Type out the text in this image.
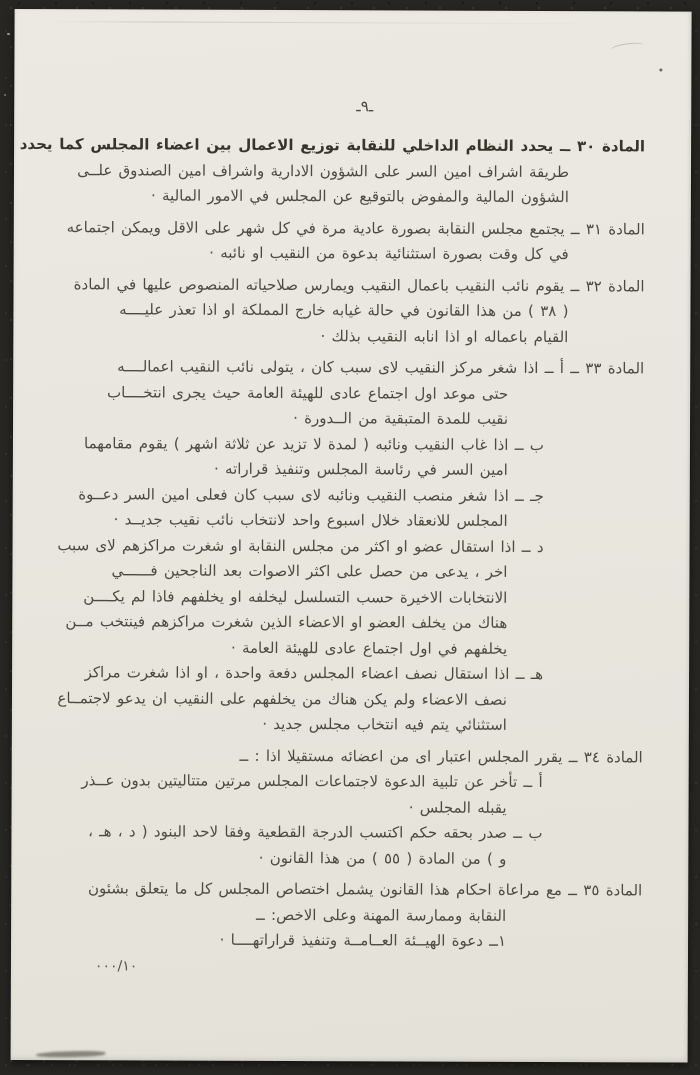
ـ٩ـ
المادة ٣٠ ــ يحدد النظام الداخلي للنقابة توزيع الاعمال بين اعضاء المجلس كما يحدد
طريقة اشراف امين السر على الشؤون الادارية واشراف امين الصندوق علــى
الشؤون المالية والمفوض بالتوقيع عن المجلس في الامور المالية ·
المادة ٣١ ــ يجتمع مجلس النقابة بصورة عادية مرة في كل شهر على الاقل ويمكن اجتماعه
في كل وقت بصورة استثنائية بدعوة من النقيب او نائبه ·
المادة ٣٢ ــ يقوم نائب النقيب باعمال النقيب ويمارس صلاحياته المنصوص عليها في المادة
( ٣٨ ) من هذا القانون في حالة غيابه خارج المملكة او اذا تعذر عليــــه
القيام باعماله او اذا انابه النقيب بذلك ·
المادة ٣٣ ــ أ ــ اذا شغر مركز النقيب لاى سبب كان ، يتولى نائب النقيب اعمالــــه
حتى موعد اول اجتماع عادى للهيئة العامة حيث يجرى انتخــــاب
نقيب للمدة المتبقية من الــدورة ·
ب ــ اذا غاب النقيب ونائبه ( لمدة لا تزيد عن ثلاثة اشهر ) يقوم مقامهما
امين السر في رئاسة المجلس وتنفيذ قراراته ·
جـ ــ اذا شغر منصب النقيب ونائبه لاى سبب كان فعلى امين السر دعــوة
المجلس للانعقاد خلال اسبوع واحد لانتخاب نائب نقيب جديــد ·
د ــ اذا استقال عضو او اكثر من مجلس النقابة او شغرت مراكزهم لاى سبب
اخر ، يدعى من حصل على اكثر الاصوات بعد الناجحين فــــــي
الانتخابات الاخيرة حسب التسلسل ليخلفه او يخلفهم فاذا لم يكــــن
هناك من يخلف العضو او الاعضاء الذين شغرت مراكزهم فينتخب مــن
يخلفهم في اول اجتماع عادى للهيئة العامة ·
هـ ــ اذا استقال نصف اعضاء المجلس دفعة واحدة ، او اذا شغرت مراكز
نصف الاعضاء ولم يكن هناك من يخلفهم على النقيب ان يدعو لاجتمــاع
استثنائي يتم فيه انتخاب مجلس جديد ·
المادة ٣٤ ــ يقرر المجلس اعتبار اى من اعضائه مستقيلا اذا : ــ
أ ــ تأخر عن تلبية الدعوة لاجتماعات المجلس مرتين متتاليتين بدون عــذر
يقبله المجلس ·
ب ــ صدر بحقه حكم اكتسب الدرجة القطعية وفقا لاحد البنود ( د ، هـ ،
و ) من المادة ( ٥٥ ) من هذا القانون ·
المادة ٣٥ ــ مع مراعاة احكام هذا القانون يشمل اختصاص المجلس كل ما يتعلق بشئون
النقابة وممارسة المهنة وعلى الاخص: ــ
١ــ دعوة الهيــئة العــامــة وتنفيذ قراراتهــــا ·
٠٠٠/١٠
